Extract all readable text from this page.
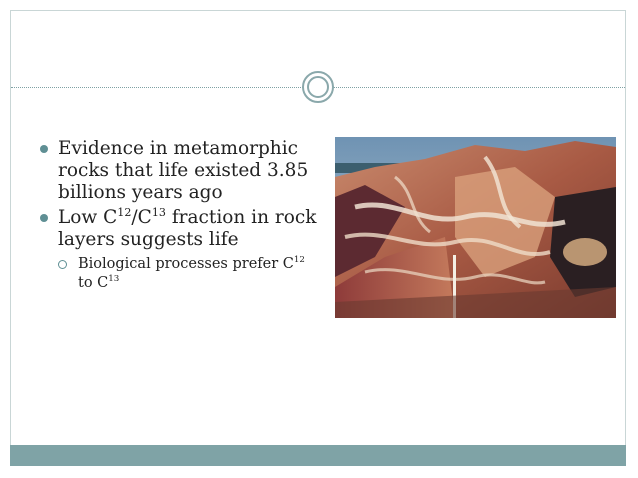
Evidence in metamorphic rocks that life existed 3.85 billions years ago
Low $C^{12}/C^{13}$ fraction in rock layers suggests life
Biological processes prefer $C^{12}$ to $C^{13}$
